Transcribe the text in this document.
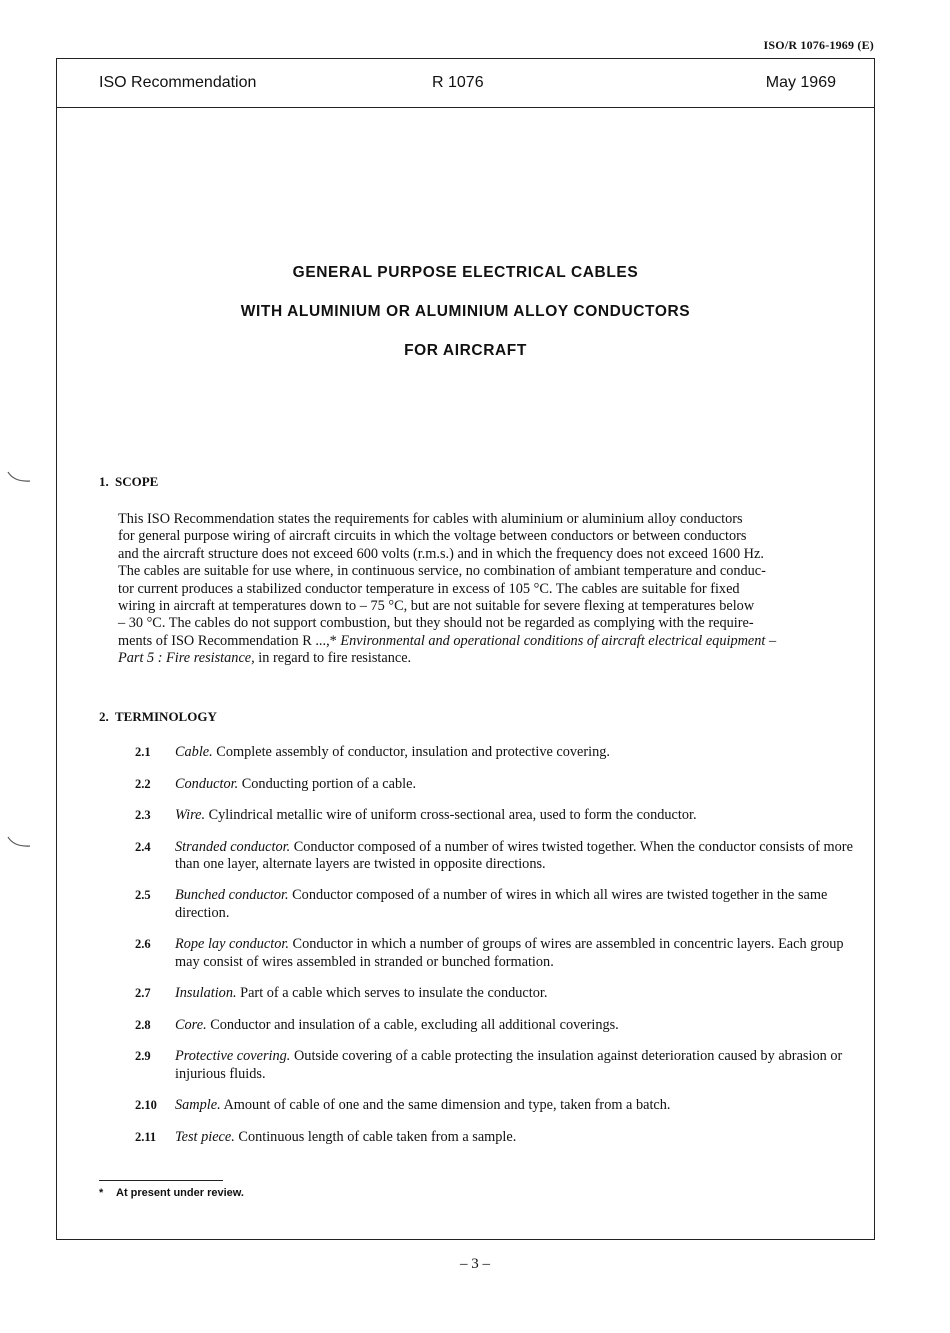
ISO/R 1076-1969 (E)
ISO Recommendation	R 1076	May 1969
GENERAL PURPOSE ELECTRICAL CABLES
WITH ALUMINIUM OR ALUMINIUM ALLOY CONDUCTORS
FOR AIRCRAFT
1. SCOPE

This ISO Recommendation states the requirements for cables with aluminium or aluminium alloy conductors

for general purpose wiring of aircraft circuits in which the voltage between conductors or between conductors

and the aircraft structure does not exceed 600 volts (r.m.s.) and in which the frequency does not exceed 1600 Hz.

The cables are suitable for use where, in continuous service, no combination of ambiant temperature and conduc-

tor current produces a stabilized conductor temperature in excess of 105 °C. The cables are suitable for fixed

wiring in aircraft at temperatures down to – 75 °C, but are not suitable for severe flexing at temperatures below

– 30 °C. The cables do not support combustion, but they should not be regarded as complying with the require-

ments of ISO Recommendation R ...,* Environmental and operational conditions of aircraft electrical equipment –

Part 5 : Fire resistance, in regard to fire resistance.

2. TERMINOLOGY
2.1	Cable. Complete assembly of conductor, insulation and protective covering.
2.2	Conductor. Conducting portion of a cable.
2.3	Wire. Cylindrical metallic wire of uniform cross-sectional area, used to form the conductor.
2.4	Stranded conductor. Conductor composed of a number of wires twisted together. When the conductor consists of more than one layer, alternate layers are twisted in opposite directions.
2.5	Bunched conductor. Conductor composed of a number of wires in which all wires are twisted together in the same direction.
2.6	Rope lay conductor. Conductor in which a number of groups of wires are assembled in concentric layers. Each group may consist of wires assembled in stranded or bunched formation.
2.7	Insulation. Part of a cable which serves to insulate the conductor.
2.8	Core. Conductor and insulation of a cable, excluding all additional coverings.
2.9	Protective covering. Outside covering of a cable protecting the insulation against deterioration caused by abrasion or injurious fluids.
2.10	Sample. Amount of cable of one and the same dimension and type, taken from a batch.
2.11	Test piece. Continuous length of cable taken from a sample.
* At present under review.
– 3 –
